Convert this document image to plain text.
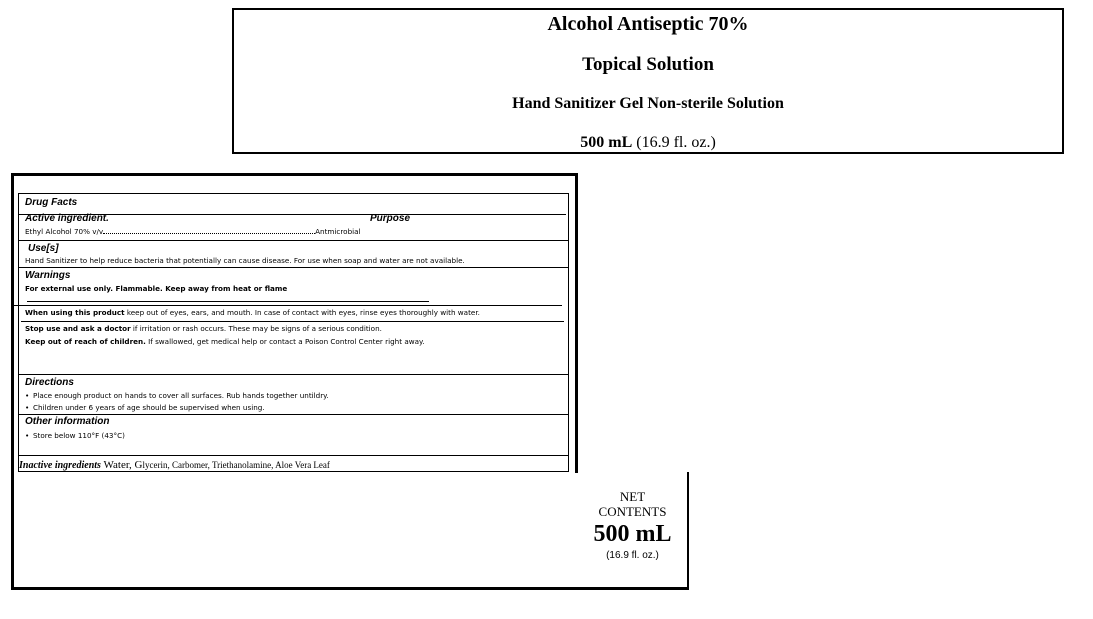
Alcohol Antiseptic 70%
Topical Solution
Hand Sanitizer Gel Non-sterile Solution
500 mL (16.9 fl. oz.)
Drug Facts
Active ingredient.	Purpose
Ethyl Alcohol 70% v/v	Antmicrobial
Use[s]
Hand Sanitizer to help reduce bacteria that potentially can cause disease. For use when soap and water are not available.
Warnings
For external use only. Flammable. Keep away from heat or flame
When using this product keep out of eyes, ears, and mouth. In case of contact with eyes, rinse eyes thoroughly with water.
Stop use and ask a doctor if irritation or rash occurs. These may be signs of a serious condition.
Keep out of reach of children. If swallowed, get medical help or contact a Poison Control Center right away.
Directions
• Place enough product on hands to cover all surfaces. Rub hands together untildry.
• Children under 6 years of age should be supervised when using.
Other information
• Store below 110°F (43°C)
Inactive ingredients Water, Glycerin, Carbomer, Triethanolamine, Aloe Vera Leaf
NET
CONTENTS
500 mL
(16.9 fl. oz.)
